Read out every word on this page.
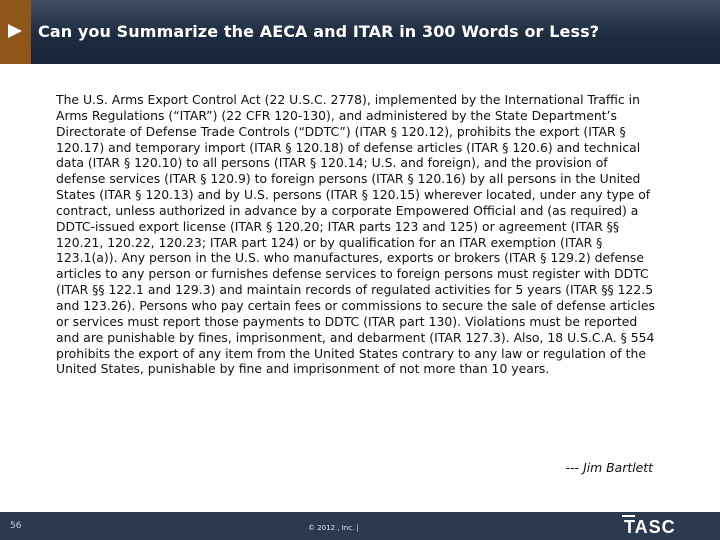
Can you Summarize the AECA and ITAR in 300 Words or Less?
The U.S. Arms Export Control Act (22 U.S.C. 2778), implemented by the International Traffic in Arms Regulations (“ITAR”) (22 CFR 120-130), and administered by the State Department’s Directorate of Defense Trade Controls (“DDTC”) (ITAR § 120.12), prohibits the export (ITAR § 120.17) and temporary import (ITAR § 120.18) of defense articles (ITAR § 120.6) and technical data (ITAR § 120.10) to all persons (ITAR § 120.14; U.S. and foreign), and the provision of defense services (ITAR § 120.9) to foreign persons (ITAR § 120.16) by all persons in the United States (ITAR § 120.13) and by U.S. persons (ITAR § 120.15) wherever located, under any type of contract, unless authorized in advance by a corporate Empowered Official and (as required) a DDTC-issued export license (ITAR § 120.20; ITAR parts 123 and 125) or agreement (ITAR §§ 120.21, 120.22, 120.23; ITAR part 124) or by qualification for an ITAR exemption (ITAR § 123.1(a)). Any person in the U.S. who manufactures, exports or brokers (ITAR § 129.2) defense articles to any person or furnishes defense services to foreign persons must register with DDTC (ITAR §§ 122.1 and 129.3) and maintain records of regulated activities for 5 years (ITAR §§ 122.5 and 123.26). Persons who pay certain fees or commissions to secure the sale of defense articles or services must report those payments to DDTC (ITAR part 130). Violations must be reported and are punishable by fines, imprisonment, and debarment (ITAR 127.3). Also, 18 U.S.C.A. § 554 prohibits the export of any item from the United States contrary to any law or regulation of the United States, punishable by fine and imprisonment of not more than 10 years.
--- Jim Bartlett
56	© 2012 , Inc. |	TASC
